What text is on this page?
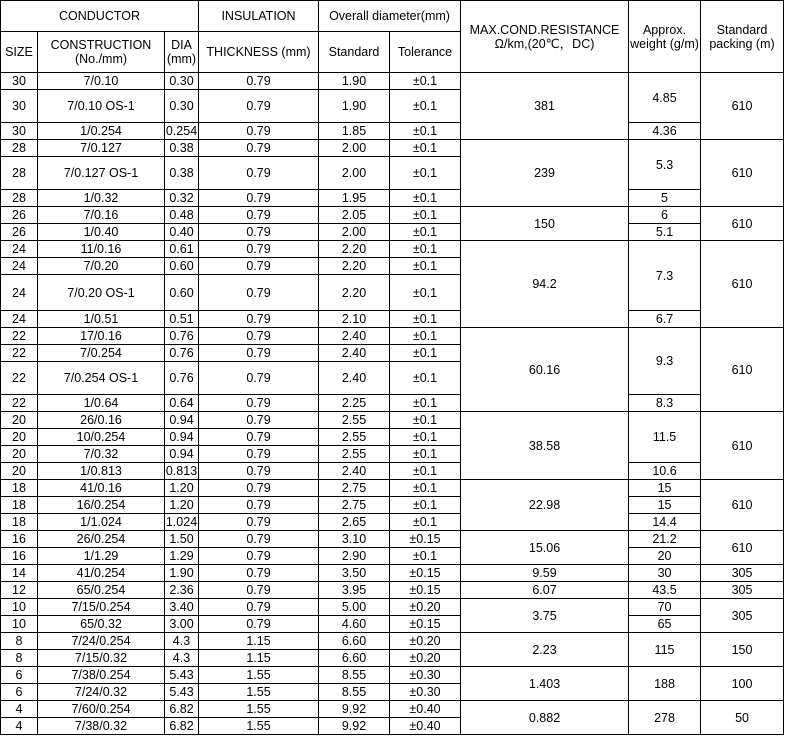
CONDUCTOR			INSULATION	Overall diameter(mm)		MAX.COND.RESISTANCE Ω/km,(20℃，DC)	Approx. weight (g/m)	Standard packing (m)
SIZE	CONSTRUCTION (No./mm)	DIA (mm)	THICKNESS (mm)	Standard	Tolerance			
30	7/0.10	0.30	0.79	1.90	±0.1	381	4.85	610
30	7/0.10 OS-1	0.30	0.79	1.90	±0.1			
30	1/0.254	0.254	0.79	1.85	±0.1		4.36	
28	7/0.127	0.38	0.79	2.00	±0.1	239	5.3	610
28	7/0.127 OS-1	0.38	0.79	2.00	±0.1			
28	1/0.32	0.32	0.79	1.95	±0.1		5	
26	7/0.16	0.48	0.79	2.05	±0.1	150	6	610
26	1/0.40	0.40	0.79	2.00	±0.1		5.1	
24	11/0.16	0.61	0.79	2.20	±0.1	94.2	7.3	610
24	7/0.20	0.60	0.79	2.20	±0.1			
24	7/0.20 OS-1	0.60	0.79	2.20	±0.1			
24	1/0.51	0.51	0.79	2.10	±0.1		6.7	
22	17/0.16	0.76	0.79	2.40	±0.1	60.16	9.3	610
22	7/0.254	0.76	0.79	2.40	±0.1			
22	7/0.254 OS-1	0.76	0.79	2.40	±0.1			
22	1/0.64	0.64	0.79	2.25	±0.1		8.3	
20	26/0.16	0.94	0.79	2.55	±0.1	38.58	11.5	610
20	10/0.254	0.94	0.79	2.55	±0.1			
20	7/0.32	0.94	0.79	2.55	±0.1			
20	1/0.813	0.813	0.79	2.40	±0.1		10.6	
18	41/0.16	1.20	0.79	2.75	±0.1	22.98	15	610
18	16/0.254	1.20	0.79	2.75	±0.1		15	
18	1/1.024	1.024	0.79	2.65	±0.1		14.4	
16	26/0.254	1.50	0.79	3.10	±0.15	15.06	21.2	610
16	1/1.29	1.29	0.79	2.90	±0.1		20	
14	41/0.254	1.90	0.79	3.50	±0.15	9.59	30	305
12	65/0.254	2.36	0.79	3.95	±0.15	6.07	43.5	305
10	7/15/0.254	3.40	0.79	5.00	±0.20	3.75	70	305
10	65/0.32	3.00	0.79	4.60	±0.15		65	
8	7/24/0.254	4.3	1.15	6.60	±0.20	2.23	115	150
8	7/15/0.32	4.3	1.15	6.60	±0.20			
6	7/38/0.254	5.43	1.55	8.55	±0.30	1.403	188	100
6	7/24/0.32	5.43	1.55	8.55	±0.30			
4	7/60/0.254	6.82	1.55	9.92	±0.40	0.882	278	50
4	7/38/0.32	6.82	1.55	9.92	±0.40			
